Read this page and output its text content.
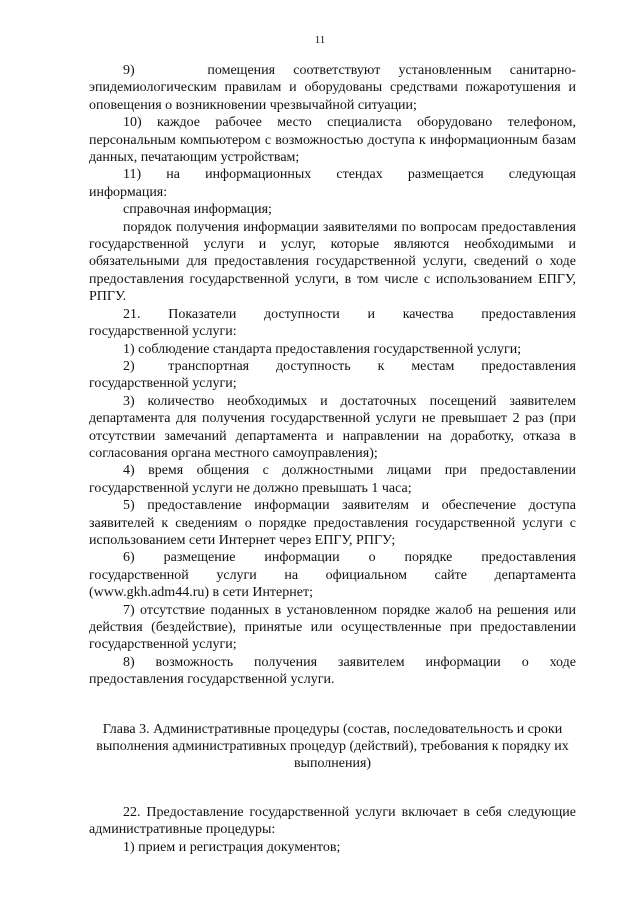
11

9)    помещения соответствуют установленным санитарно-эпидемиологическим правилам и оборудованы средствами пожаротушения и оповещения о возникновении чрезвычайной ситуации;

10) каждое рабочее место специалиста оборудовано телефоном, персональным компьютером с возможностью доступа к информационным базам данных, печатающим устройствам;

11)   на   информационных   стендах   размещается   следующая информация:

справочная информация;

порядок получения информации заявителями по вопросам предоставления государственной услуги и услуг, которые являются необходимыми и обязательными для предоставления государственной услуги, сведений о ходе предоставления государственной услуги, в том числе с использованием ЕПГУ, РПГУ.

21.    Показатели    доступности    и    качества    предоставления государственной услуги:

1) соблюдение стандарта предоставления государственной услуги;

2)     транспортная    доступность    к    местам    предоставления государственной услуги;

3) количество необходимых и достаточных посещений заявителем департамента для получения государственной услуги не превышает 2 раз (при отсутствии замечаний департамента и направлении на доработку, отказа в согласования органа местного самоуправления);

4) время общения с должностными лицами при предоставлении государственной услуги не должно превышать 1 часа;

5) предоставление информации заявителям и обеспечение доступа заявителей к сведениям о порядке предоставления государственной услуги с использованием сети Интернет через ЕПГУ, РПГУ;

6)    размещение    информации    о    порядке    предоставления государственной услуги на официальном сайте департамента (www.gkh.adm44.ru) в сети Интернет;

7) отсутствие поданных в установленном порядке жалоб на решения или действия (бездействие), принятые или осуществленные при предоставлении государственной услуги;

8)   возможность   получения   заявителем   информации   о   ходе предоставления государственной услуги.

Глава 3. Административные процедуры (состав, последовательность и сроки выполнения административных процедур (действий), требования к порядку их выполнения)

22. Предоставление государственной услуги включает в себя следующие административные процедуры:

1) прием и регистрация документов;
